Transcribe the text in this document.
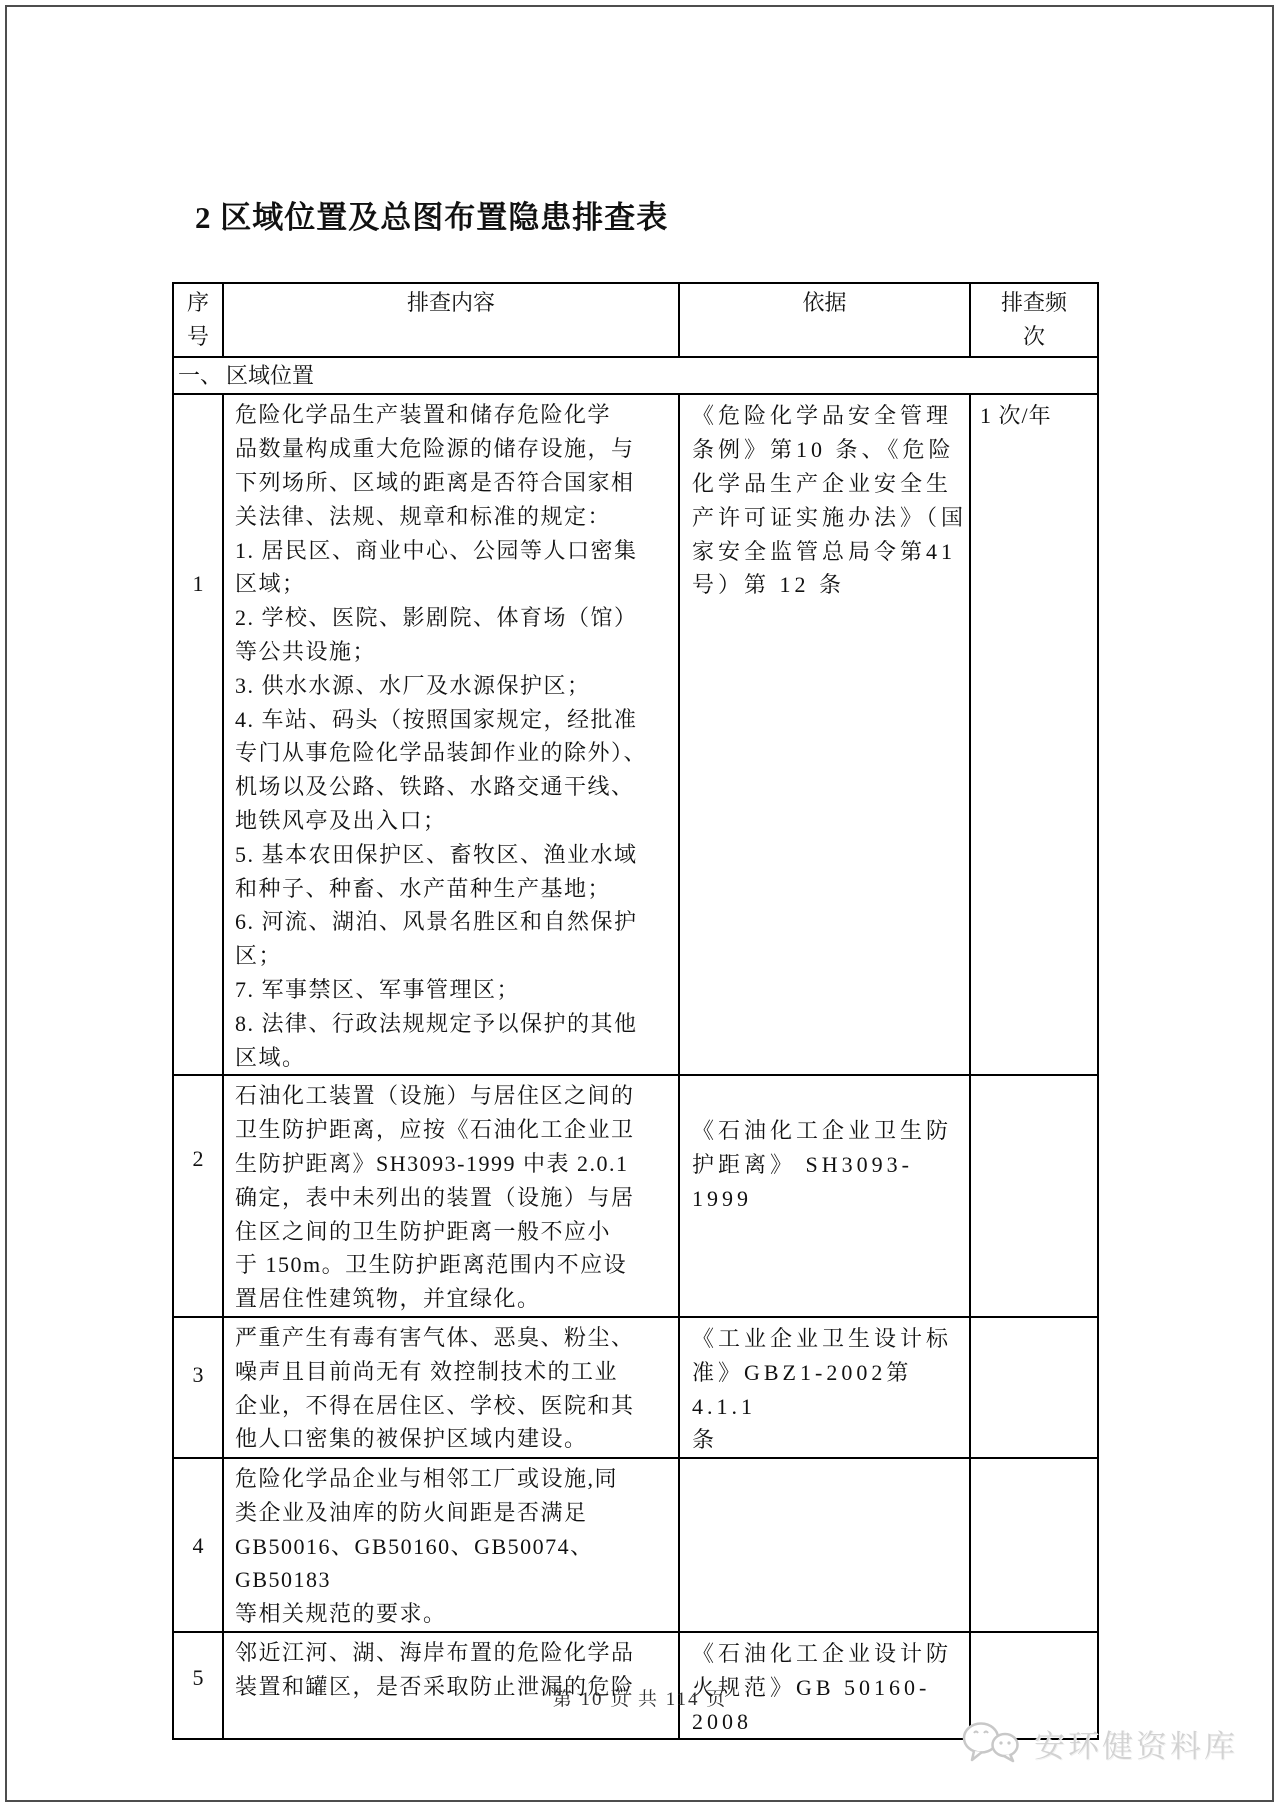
2 区域位置及总图布置隐患排查表
序
号	排查内容	依据	排查频
次
一、 区域位置			
1	危险化学品生产装置和储存危险化学
品数量构成重大危险源的储存设施，与
下列场所、区域的距离是否符合国家相
关法律、法规、规章和标准的规定：
1. 居民区、商业中心、公园等人口密集
区域；
2. 学校、医院、影剧院、体育场（馆）
等公共设施；
3. 供水水源、水厂及水源保护区；
4. 车站、码头（按照国家规定，经批准
专门从事危险化学品装卸作业的除外）、
机场以及公路、铁路、水路交通干线、
地铁风亭及出入口；
5. 基本农田保护区、畜牧区、渔业水域
和种子、种畜、水产苗种生产基地；
6. 河流、湖泊、风景名胜区和自然保护
区；
7. 军事禁区、军事管理区；
8. 法律、行政法规规定予以保护的其他
区域。	《危险化学品安全管理
条例》第10 条、《危险
化学品生产企业安全生
产许可证实施办法》（国
家安全监管总局令第41
号）第 12 条	1 次/年
2	石油化工装置（设施）与居住区之间的
卫生防护距离，应按《石油化工企业卫
生防护距离》SH3093-1999 中表 2.0.1
确定，表中未列出的装置（设施）与居
住区之间的卫生防护距离一般不应小
于 150m。卫生防护距离范围内不应设
置居住性建筑物，并宜绿化。	《石油化工企业卫生防
护距离》 SH3093-1999	
3	严重产生有毒有害气体、恶臭、粉尘、
噪声且目前尚无有 效控制技术的工业
企业，不得在居住区、学校、医院和其
他人口密集的被保护区域内建设。	《工业企业卫生设计标
准》GBZ1-2002第 4.1.1
条	
4	危险化学品企业与相邻工厂或设施,同
类企业及油库的防火间距是否满足
GB50016、GB50160、GB50074、GB50183
等相关规范的要求。		
5	邻近江河、湖、海岸布置的危险化学品
装置和罐区，是否采取防止泄漏的危险	《石油化工企业设计防
火规范》GB 50160-2008	
第 10 页 共 114 页
安环健资料库
